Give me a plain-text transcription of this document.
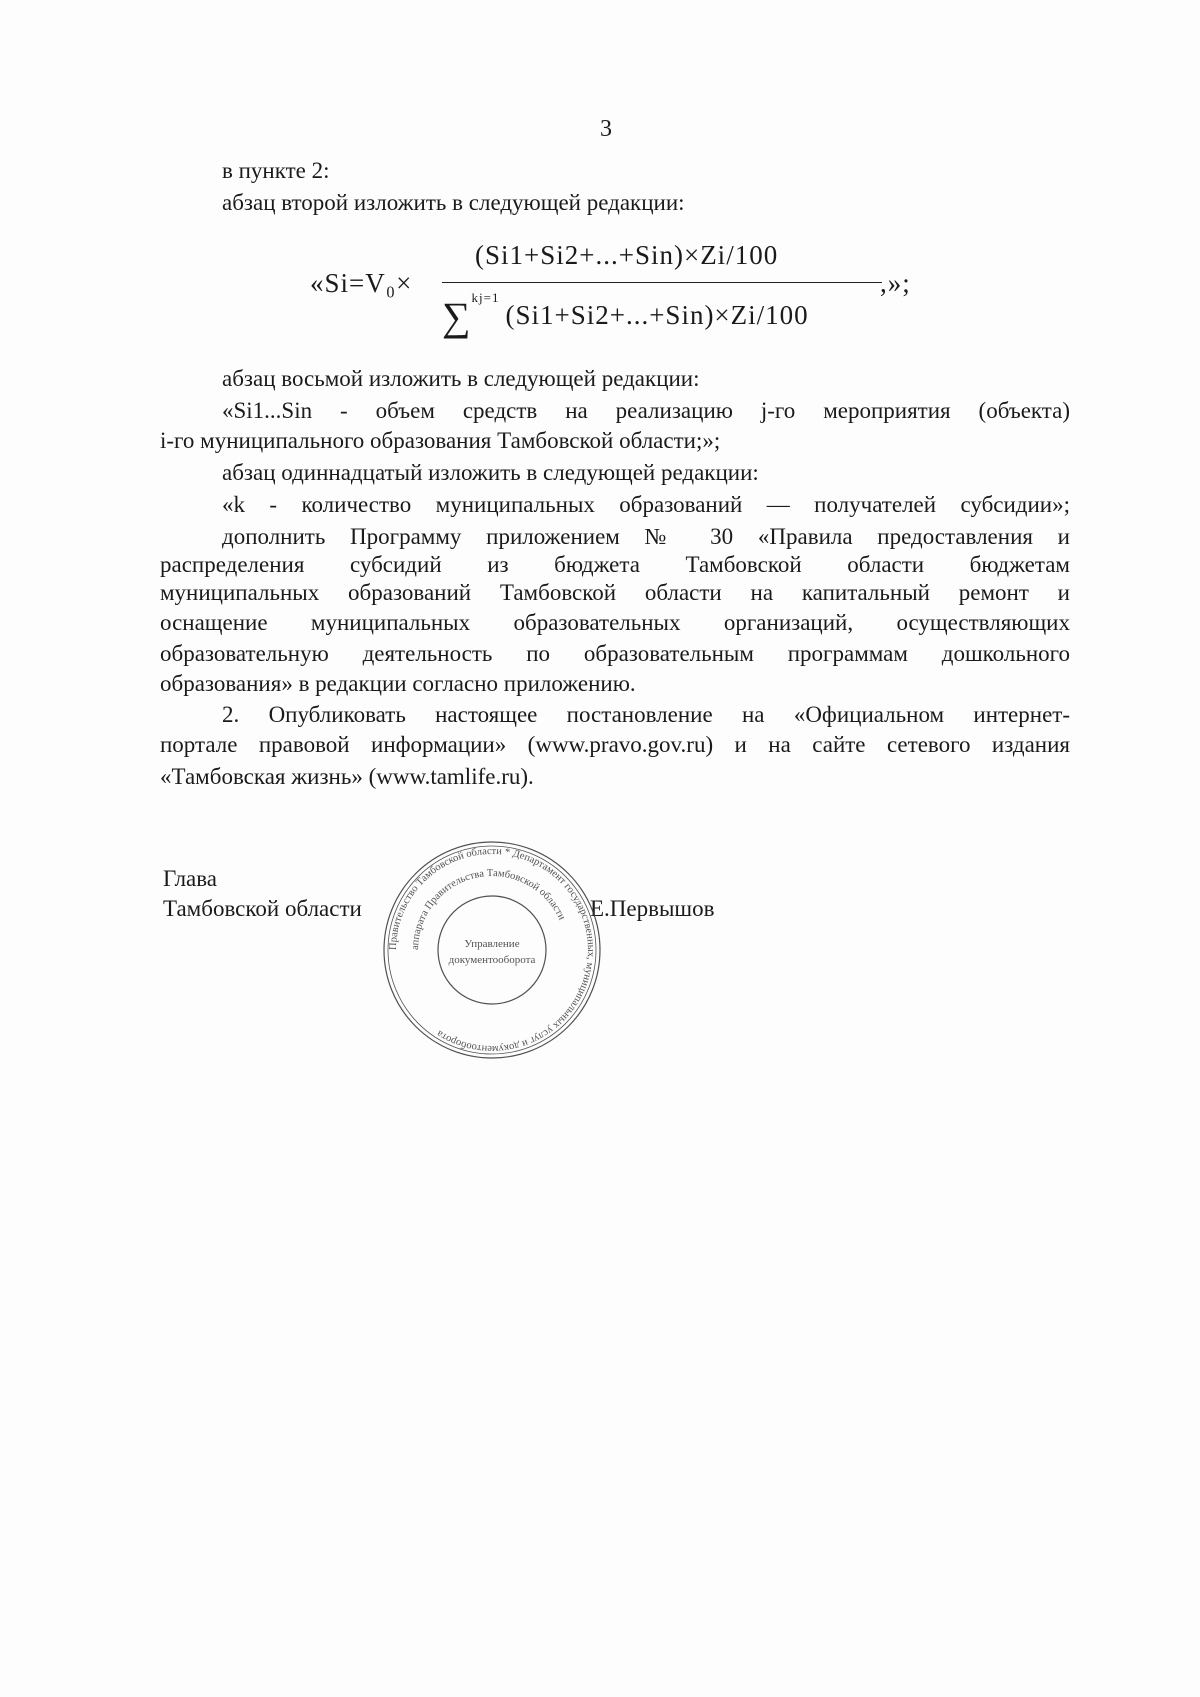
3
в пункте 2:
абзац второй изложить в следующей редакции:
«Si=V₀×
(Si1+Si2+...+Sin)×Zi/100
∑$^{kj=1}$(Si1+Si2+...+Sin)×Zi/100
,»;
абзац восьмой изложить в следующей редакции:
«Si1...Sin - объем средств на реализацию j-го мероприятия (объекта)
i-го муниципального образования Тамбовской области;»;
абзац одиннадцатый изложить в следующей редакции:
«k - количество муниципальных образований — получателей субсидии»;
дополнить Программу приложением № 30 «Правила предоставления и
распределения субсидий из бюджета Тамбовской области бюджетам
муниципальных образований Тамбовской области на капитальный ремонт и
оснащение муниципальных образовательных организаций, осуществляющих
образовательную деятельность по образовательным программам дошкольного
образования» в редакции согласно приложению.
2. Опубликовать настоящее постановление на «Официальном интернет-
портале правовой информации» (www.pravo.gov.ru) и на сайте сетевого издания
«Тамбовская жизнь» (www.tamlife.ru).
Глава
Тамбовской области	Е.Первышов
Правительство Тамбовской области * Департамент государственных, муниципальных услуг и документооборота
аппарата Правительства Тамбовской области
Управление
документооборота
